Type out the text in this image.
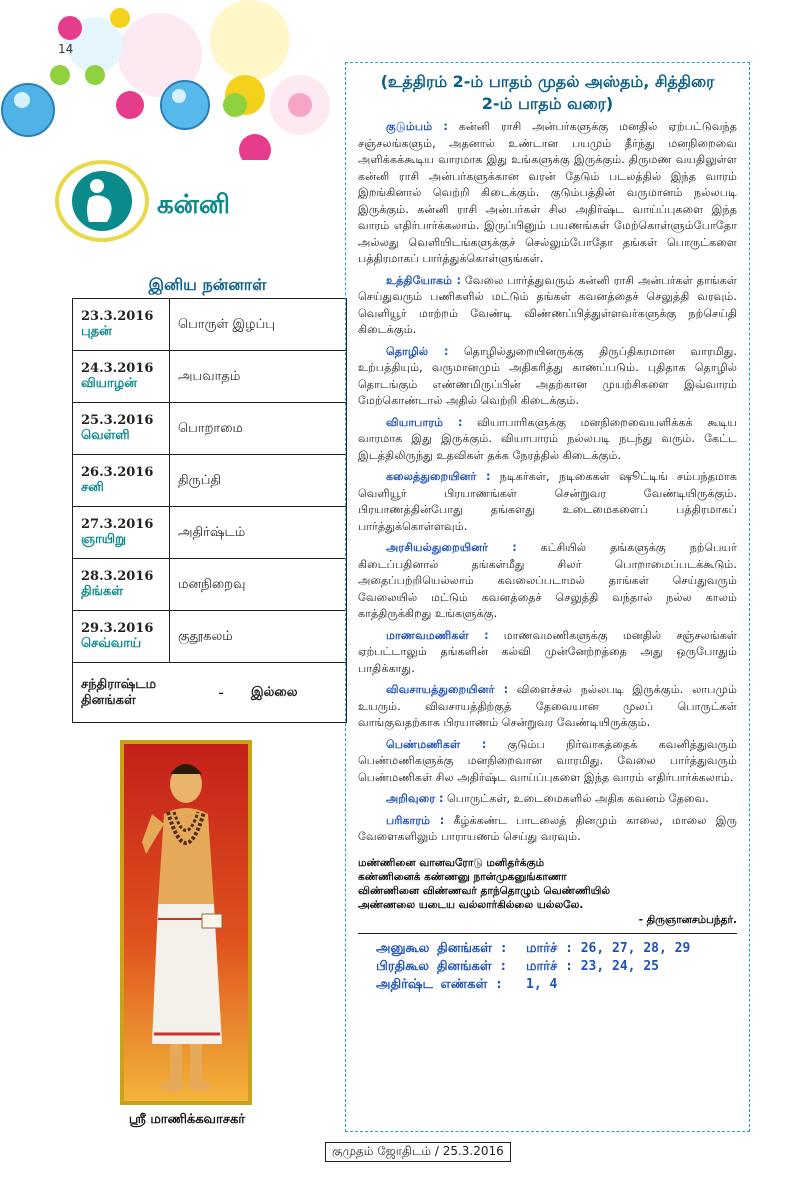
14
கன்னி
இனிய நன்னாள்
23.3.2016
புதன்	பொருள் இழப்பு

24.3.2016
வியாழன்	அபவாதம்

25.3.2016
வெள்ளி	பொறாமை

26.3.2016
சனி	திருப்தி

27.3.2016
ஞாயிறு	அதிர்ஷ்டம்

28.3.2016
திங்கள்	மனநிறைவு

29.3.2016
செவ்வாய்	குதூகலம்

சந்திராஷ்டம
தினங்கள் - இல்லை	
ஸ்ரீ மாணிக்கவாசகர்
(உத்திரம் 2-ம் பாதம் முதல் அஸ்தம், சித்திரை
2-ம் பாதம் வரை)

குடும்பம் : கன்னி ராசி அன்பர்களுக்கு மனதில் ஏற்பட்டுவந்த சஞ்சலங்களும், அதனால் உண்டான பயமும் தீர்ந்து மனநிறைவை அளிக்கக்கூடிய வாரமாக இது உங்களுக்கு இருக்கும். திருமண வயதிலுள்ள கன்னி ராசி அன்பர்களுக்கான வரன் தேடும் படலத்தில் இந்த வாரம் இறங்கினால் வெற்றி கிடைக்கும். குடும்பத்தின் வருமானம் நல்லபடி இருக்கும். கன்னி ராசி அன்பர்கள் சில அதிர்ஷ்ட வாய்ப்புகளை இந்த வாரம் எதிர்பார்க்கலாம். இருப்பினும் பயணங்கள் மேற்கொள்ளும்போதோ அல்லது வெளியிடங்களுக்குச் செல்லும்போதோ தங்கள் பொருட்களை பத்திரமாகப் பார்த்துக்கொள்ளுங்கள்.

உத்தியோகம் : வேலை பார்த்துவரும் கன்னி ராசி அன்பர்கள் தாங்கள் செய்துவரும் பணிகளில் மட்டும் தங்கள் கவனத்தைச் செலுத்தி வரவும். வெளியூர் மாற்றம் வேண்டி விண்ணப்பித்துள்ளவர்களுக்கு நற்செய்தி கிடைக்கும்.

தொழில் : தொழில்துறையினருக்கு திருப்திகரமான வாரமிது. உற்பத்தியும், வருமானமும் அதிகரித்து காணப்படும். புதிதாக தொழில் தொடங்கும் எண்ணமிருப்பின் அதற்கான முயற்சிகளை இவ்வாரம் மேற்கொண்டால் அதில் வெற்றி கிடைக்கும்.

வியாபாரம் : வியாபாரிகளுக்கு மனநிறைவையளிக்கக் கூடிய வாரமாக இது இருக்கும். வியாபாரம் நல்லபடி நடந்து வரும். கேட்ட இடத்திலிருந்து உதவிகள் தக்க நேரத்தில் கிடைக்கும்.

கலைத்துறையினர் : நடிகர்கள், நடிகைகள் ஷூட்டிங் சம்பந்தமாக வெளியூர் பிரயாணங்கள் சென்றுவர வேண்டியிருக்கும். பிரயாணத்தின்போது தங்களது உடைமைகளைப் பத்திரமாகப் பார்த்துக்கொள்ளவும்.

அரசியல்துறையினர் : கட்சியில் தங்களுக்கு நற்பெயர் கிடைப்பதினால் தங்கள்மீது சிலர் பொறாமைப்படக்கூடும். அதைப்பற்றியெல்லாம் கவலைப்படாமல் தாங்கள் செய்துவரும் வேலையில் மட்டும் கவனத்தைச் செலுத்தி வந்தால் நல்ல காலம் காத்திருக்கிறது உங்களுக்கு.

மாணவமணிகள் : மாணவமணிகளுக்கு மனதில் சஞ்சலங்கள் ஏற்பட்டாலும் தங்களின் கல்வி முன்னேற்றத்தை அது ஒருபோதும் பாதிக்காது.

விவசாயத்துறையினர் : விளைச்சல் நல்லபடி இருக்கும். லாபமும் உயரும். விவசாயத்திற்குத் தேவையான முலப் பொருட்கள் வாங்குவதற்காக பிரயாணம் சென்றுவர வேண்டியிருக்கும்.

பெண்மணிகள் : குடும்ப நிர்வாகத்தைக் கவனித்துவரும் பெண்மணிகளுக்கு மனநிறைவான வாரமிது. வேலை பார்த்துவரும் பெண்மணிகள் சில அதிர்ஷ்ட வாய்ப்புகளை இந்த வாரம் எதிர்பார்க்கலாம்.

அறிவுரை : பொருட்கள், உடைமைகளில் அதிக கவனம் தேவை.

பரிகாரம் : கீழ்க்கண்ட பாடலைத் தினமும் காலை, மாலை இரு வேளைகளிலும் பாராயணம் செய்து வரவும்.

மண்ணினை வானவரோடு மனிதர்க்கும்
கண்ணினைக் கண்ணனு நான்முகனுங்காணா
விண்ணினை விண்ணவர் தாந்தொழும் வெண்ணியில்
அண்ணலை யடைய வல்லார்கில்லை யல்லலே.
- திருஞானசம்பந்தர்.
அனுகூல தினங்கள் : மார்ச் : 26, 27, 28, 29
பிரதிகூல தினங்கள் : மார்ச் : 23, 24, 25
அதிர்ஷ்ட எண்கள் : 1, 4
குமுதம் ஜோதிடம் / 25.3.2016
